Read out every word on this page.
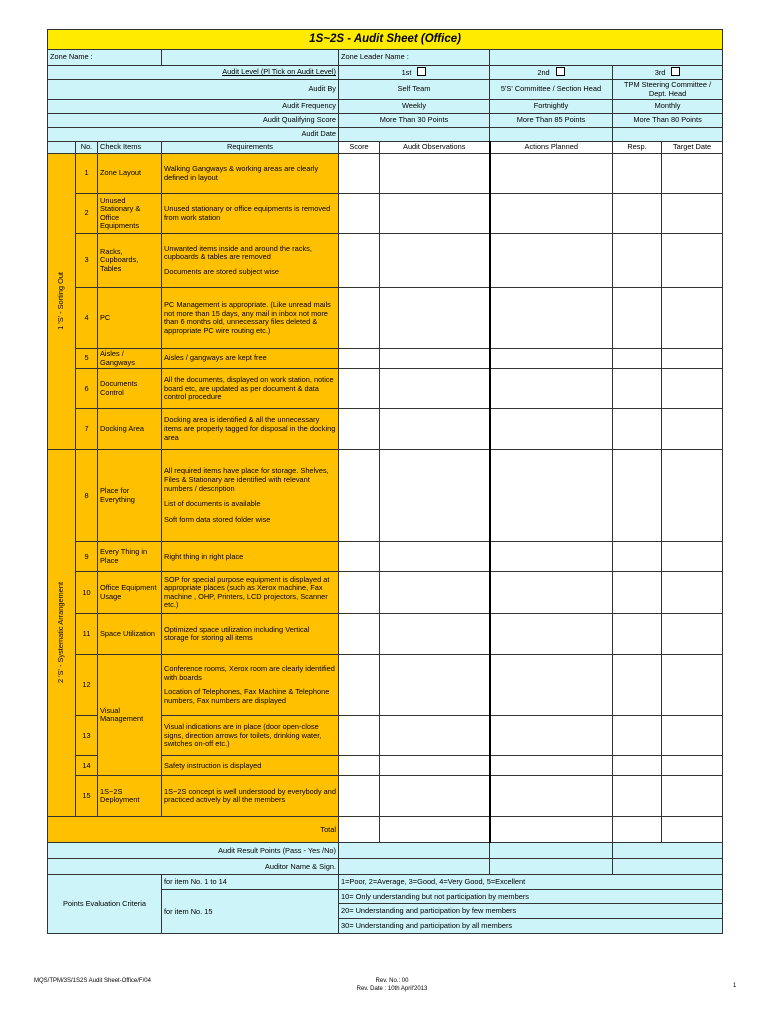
1S~2S - Audit Sheet (Office)								
Zone Name :				Zone Leader Name :				
Audit Level (Pl Tick on Audit Level)				1st		2nd	3rd	
Audit By				Self Team		5'S' Committee / Section Head	TPM Steering Committee / Dept. Head	
Audit Frequency				Weekly		Fortnightly	Monthly	
Audit Qualifying Score				More Than 30 Points		More Than 85 Points	More Than 80 Points	
Audit Date								
	No.	Check Items	Requirements	Score	Audit Observations	Actions Planned	Resp.	Target Date
1 'S' - Sorting Out	1	Zone Layout	Walking Gangways & working areas are clearly defined in layout					

	2	Unused Stationary & Office Equipments	Unused stationary or office equipments is removed from work station					

	3	Racks, Cupboards, Tables	Unwanted items inside and around the racks, cupboards & tables are removed

Documents are stored subject wise					

	4	PC	PC Management is appropriate. (Like unread mails not more than 15 days, any mail in inbox not more than 6 months old, unnecessary files deleted & appropriate PC wire routing etc.)					

	5	Aisles / Gangways	Aisles / gangways are kept free					

	6	Documents Control	All the documents, displayed on work station, notice board etc, are updated as per document & data control procedure					

	7	Docking Area	Docking area is identified & all the unnecessary items are properly tagged for disposal in the docking area					

2 'S' - Systematic Arrangement	8	Place for Everything	All required items have place for storage. Shelves, Files & Stationary are identified with relevant numbers / description

List of documents is available

Soft form data stored folder wise					

	9	Every Thing in Place	Right thing in right place					

	10	Office Equipment Usage	SOP for special purpose equipment is displayed at appropriate places (such as Xerox machine, Fax machine , OHP, Printers, LCD projectors, Scanner etc.)					

	11	Space Utilization	Optimized space utilization including Vertical storage for storing all items					

	12	Visual Management	Conference rooms, Xerox room are clearly identified with boards

Location of Telephones, Fax Machine & Telephone numbers, Fax numbers are displayed					

	13		Visual indications are in place (door open-close signs, direction arrows for toilets, drinking water, switches on-off etc.)					

	14		Safety instruction is displayed					

	15	1S~2S Deployment	1S~2S concept is well understood by everybody and practiced actively by all the members					

Total								
Audit Result Points (Pass - Yes /No)								
Auditor Name & Sign.								
Points Evaluation Criteria			for item No. 1 to 14	1=Poor, 2=Average, 3=Good, 4=Very Good, 5=Excellent				
			for item No. 15	10= Only understanding but not participation by members				
				20= Understanding and participation by few members				
				30= Understanding and participation by all members				
MQS/TPM/3S/1S2S Audit Sheet-Office/F/04	Rev. No.: 00
Rev. Date : 10th April'2013	1
